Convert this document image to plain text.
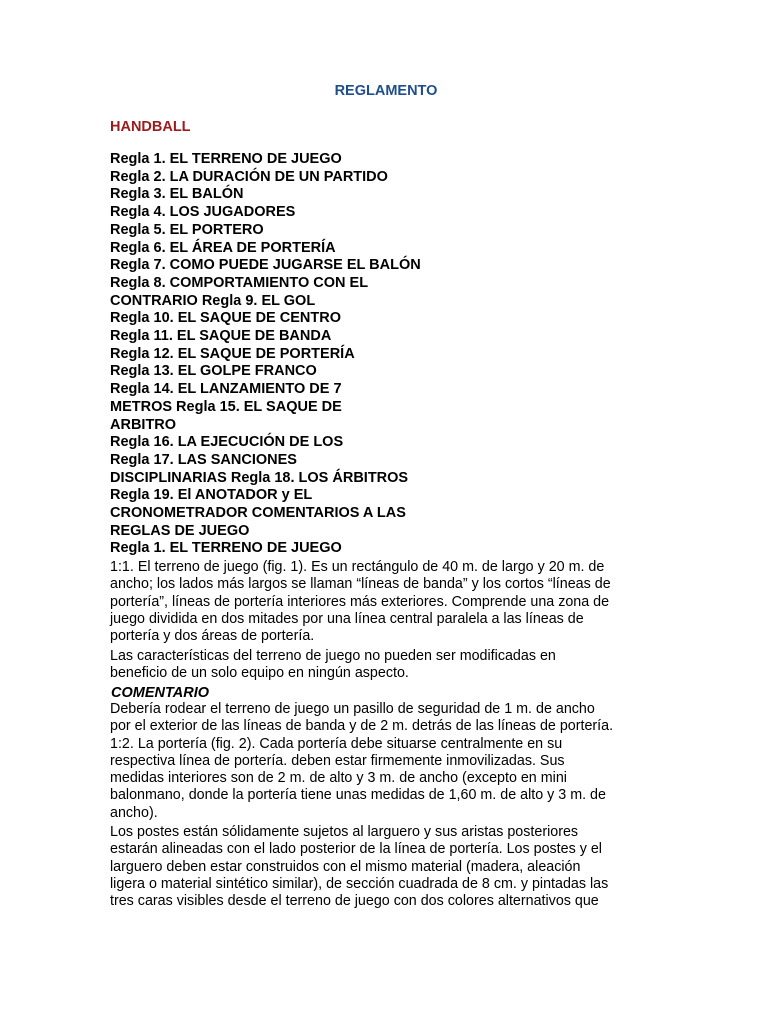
REGLAMENTO
HANDBALL
Regla 1. EL TERRENO DE JUEGO
Regla 2. LA DURACIÓN DE UN PARTIDO
Regla 3. EL BALÓN
Regla 4. LOS JUGADORES
Regla 5. EL PORTERO
Regla 6. EL ÁREA DE PORTERÍA
Regla 7. COMO PUEDE JUGARSE EL BALÓN
Regla 8. COMPORTAMIENTO CON EL
CONTRARIO Regla 9. EL GOL
Regla 10. EL SAQUE DE CENTRO
Regla 11. EL SAQUE DE BANDA
Regla 12. EL SAQUE DE PORTERÍA
Regla 13. EL GOLPE FRANCO
Regla 14. EL LANZAMIENTO DE 7
METROS Regla 15. EL SAQUE DE
ARBITRO
Regla 16. LA EJECUCIÓN DE LOS
Regla 17. LAS SANCIONES
DISCIPLINARIAS Regla 18. LOS ÁRBITROS
Regla 19. El ANOTADOR y EL
CRONOMETRADOR COMENTARIOS A LAS
REGLAS DE JUEGO
Regla 1. EL TERRENO DE JUEGO

1:1. El terreno de juego (fig. 1). Es un rectángulo de 40 m. de largo y 20 m. de
ancho; los lados más largos se llaman “líneas de banda” y los cortos “líneas de
portería”, líneas de portería interiores más exteriores. Comprende una zona de
juego dividida en dos mitades por una línea central paralela a las líneas de
portería y dos áreas de portería.

Las características del terreno de juego no pueden ser modificadas en
beneficio de un solo equipo en ningún aspecto.

COMENTARIO

Debería rodear el terreno de juego un pasillo de seguridad de 1 m. de ancho
por el exterior de las líneas de banda y de 2 m. detrás de las líneas de portería.
1:2. La portería (fig. 2). Cada portería debe situarse centralmente en su
respectiva línea de portería. deben estar firmemente inmovilizadas. Sus
medidas interiores son de 2 m. de alto y 3 m. de ancho (excepto en mini
balonmano, donde la portería tiene unas medidas de 1,60 m. de alto y 3 m. de
ancho).

Los postes están sólidamente sujetos al larguero y sus aristas posteriores
estarán alineadas con el lado posterior de la línea de portería. Los postes y el
larguero deben estar construidos con el mismo material (madera, aleación
ligera o material sintético similar), de sección cuadrada de 8 cm. y pintadas las
tres caras visibles desde el terreno de juego con dos colores alternativos que
